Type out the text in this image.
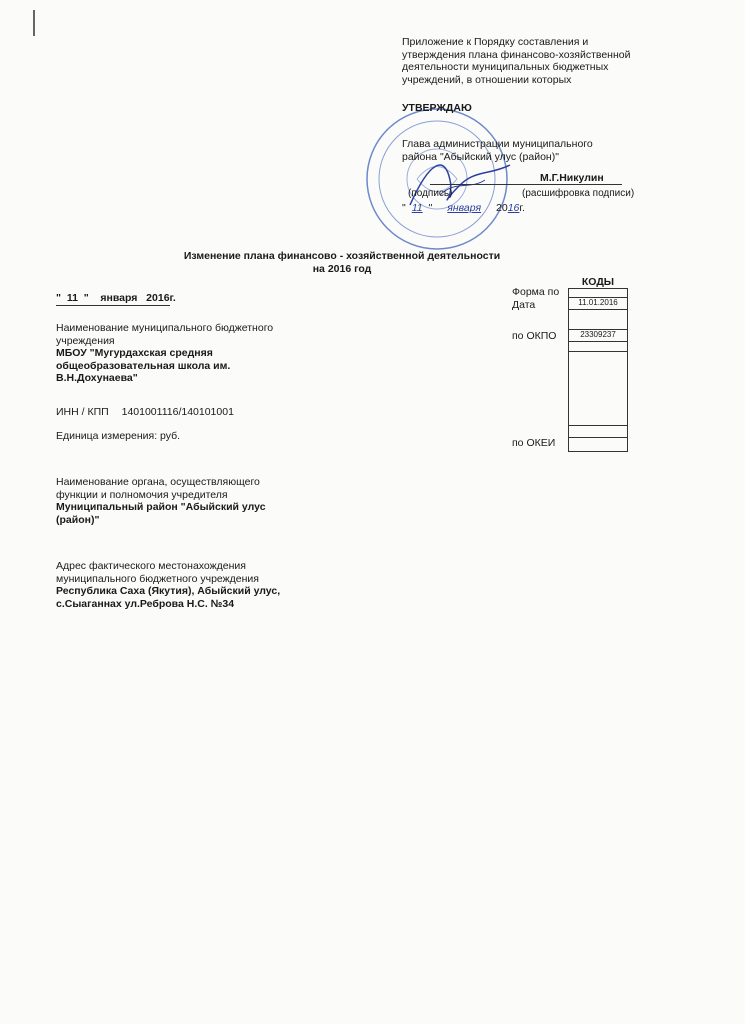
Приложение к Порядку составления и
утверждения плана финансово-хозяйственной
деятельности муниципальных бюджетных
учреждений, в отношении которых
УТВЕРЖДАЮ
Глава администрации муниципального
района "Абыйский улус (район)"
М.Г.Никулин
(подпись)	(расшифровка подписи)
" 11 " января 2016г.
Изменение плана финансово - хозяйственной деятельности
на 2016 год
КОДЫ
11.01.2016
23309237
Форма по
Дата
по ОКПО
по ОКЕИ
"  11  "    января   2016г.
Наименование муниципального бюджетного
учреждения
МБОУ "Мугурдахская средняя
общеобразовательная школа им.
В.Н.Дохунаева"
ИНН / КПП 1401001116/140101001
Единица измерения: руб.
Наименование органа, осуществляющего
функции и полномочия учредителя
Муниципальный район "Абыйский улус
(район)"
Адрес фактического местонахождения
муниципального бюджетного учреждения
Республика Саха (Якутия), Абыйский улус,
с.Сыаганнах ул.Реброва Н.С. №34
